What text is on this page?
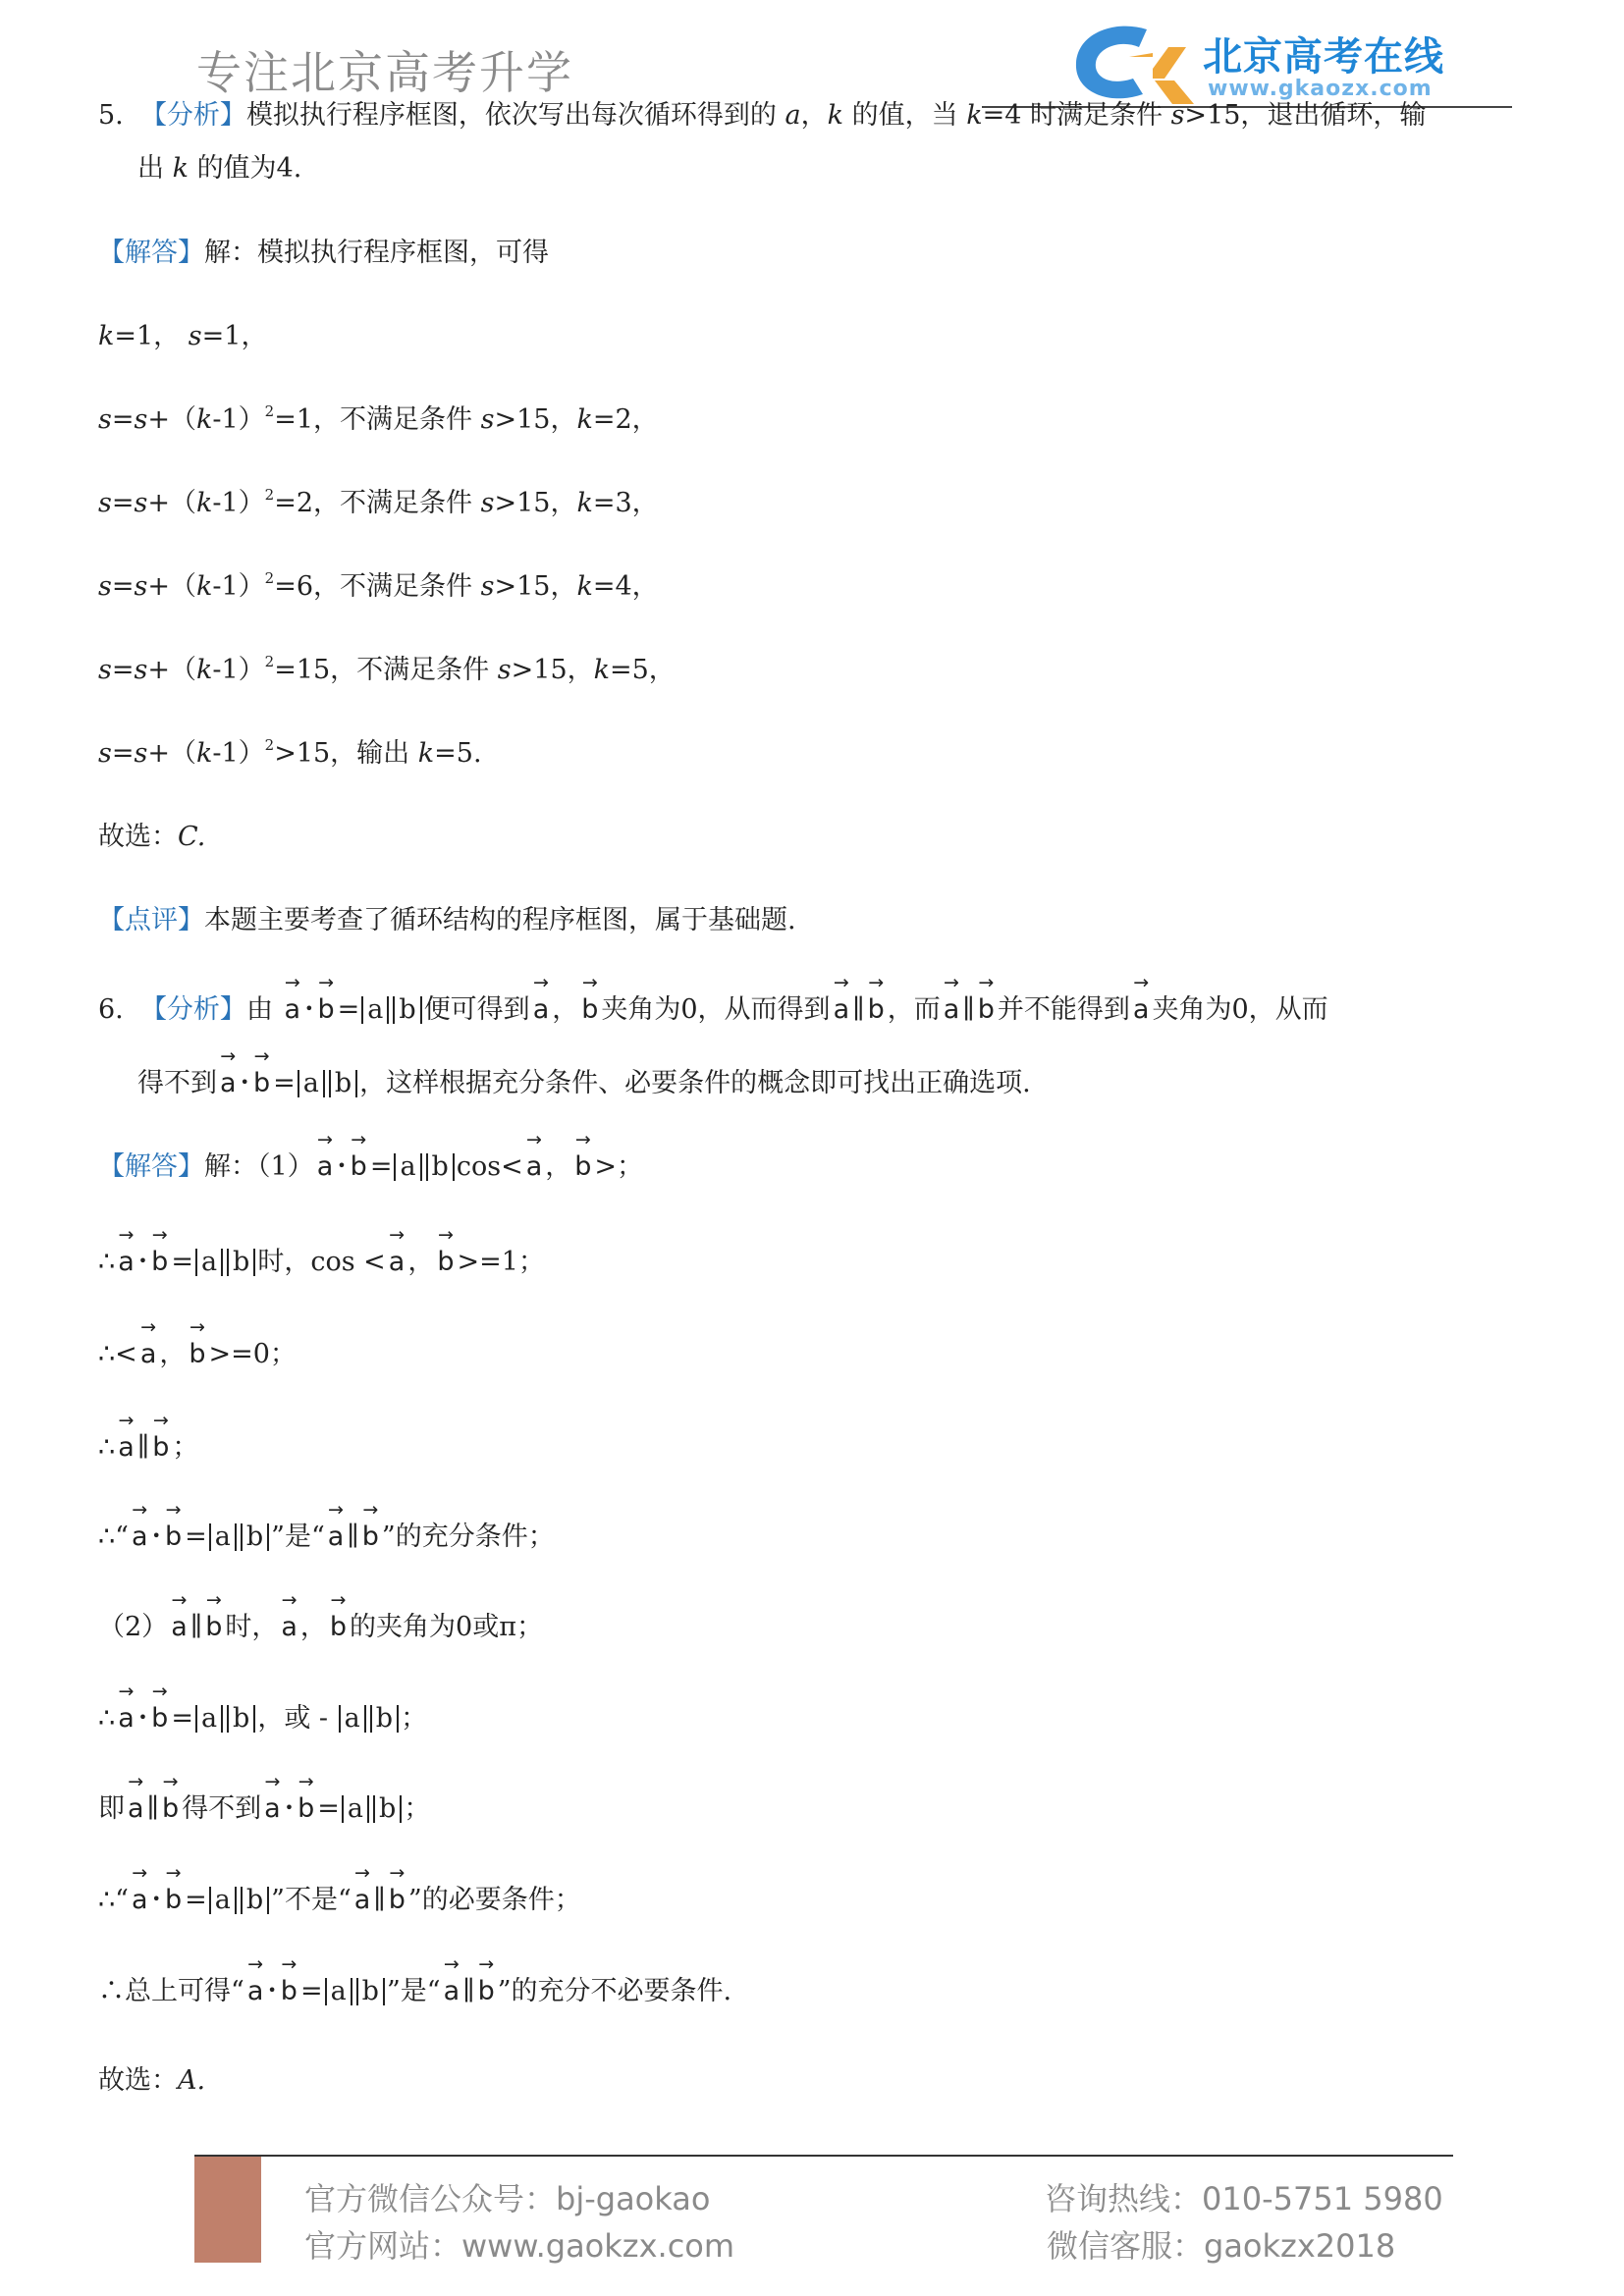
专注北京高考升学	北京高考在线
www.gkaozx.com
5. 【分析】模拟执行程序框图，依次写出每次循环得到的 a，k 的值，当 k=4 时满足条件 s>15，退出循环，输
出 k 的值为4.
【解答】解：模拟执行程序框图，可得
k=1， s=1，
$s=s+(k-1)^2=1$，不满足条件 s>15，k=2，
$s=s+(k-1)^2=2$，不满足条件 s>15，k=3，
$s=s+(k-1)^2=6$，不满足条件 s>15，k=4，
$s=s+(k-1)^2=15$，不满足条件 s>15，k=5，
$s=s+(k-1)^2>15$，输出 k=5.
故选：C.
【点评】本题主要考查了循环结构的程序框图，属于基础题.
6. 【分析】由 → a • → b = a b 便可得到 → a ， → b 夹角为0，从而得到 → a ∥ → b ，而 → a ∥ → b 并不能得到 → a 夹角为0，从而
得不到 → a • → b = a b ，这样根据充分条件、必要条件的概念即可找出正确选项.
【解答】解：（1） → a • → b = a b cos< → a ， → b >；
∴ → a • → b = a b 时，cos < → a ， → b >=1；
∴< → a ， → b >=0；
∴ → a ∥ → b ；
∴“ → a • → b = a b ”是“ → a ∥ → b ”的充分条件；
（2） → a ∥ → b 时， → a ， → b 的夹角为0或π；
∴ → a • → b = a b ，或 - a b ；
即 → a ∥ → b 得不到 → a • → b = a b ；
∴“ → a • → b = a b ”不是“ → a ∥ → b ”的必要条件；
∴总上可得“ → a • → b = a b ”是“ → a ∥ → b ”的充分不必要条件.
故选：A.
官方微信公众号：bj-gaokao
官方网站：www.gaokzx.com
咨询热线：010-5751 5980
微信客服：gaokzx2018
